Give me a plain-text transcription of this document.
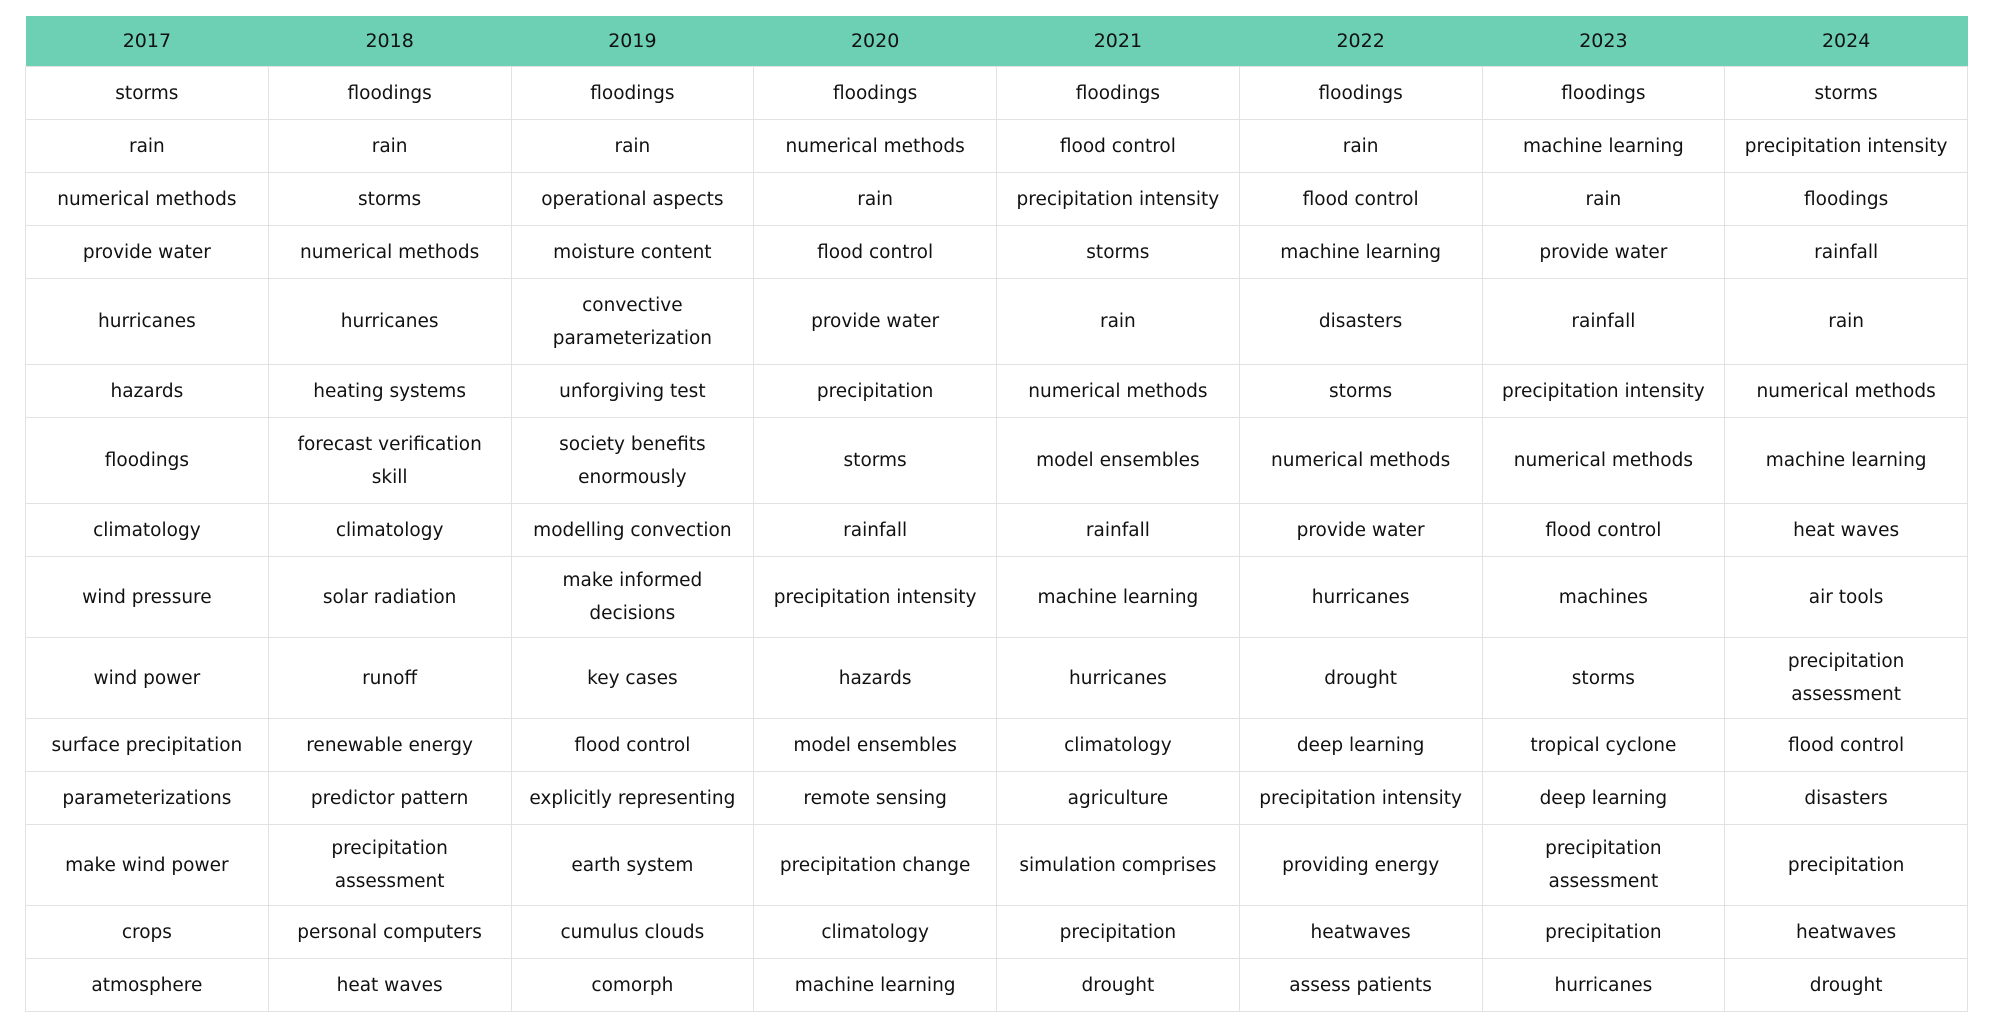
2017	2018	2019	2020	2021	2022	2023	2024
storms	floodings	floodings	floodings	floodings	floodings	floodings	storms
rain	rain	rain	numerical methods	flood control	rain	machine learning	precipitation intensity
numerical methods	storms	operational aspects	rain	precipitation intensity	flood control	rain	floodings
provide water	numerical methods	moisture content	flood control	storms	machine learning	provide water	rainfall
hurricanes	hurricanes	convective parameterization	provide water	rain	disasters	rainfall	rain
hazards	heating systems	unforgiving test	precipitation	numerical methods	storms	precipitation intensity	numerical methods
floodings	forecast verification skill	society benefits enormously	storms	model ensembles	numerical methods	numerical methods	machine learning
climatology	climatology	modelling convection	rainfall	rainfall	provide water	flood control	heat waves
wind pressure	solar radiation	make informed decisions	precipitation intensity	machine learning	hurricanes	machines	air tools
wind power	runoff	key cases	hazards	hurricanes	drought	storms	precipitation assessment
surface precipitation	renewable energy	flood control	model ensembles	climatology	deep learning	tropical cyclone	flood control
parameterizations	predictor pattern	explicitly representing	remote sensing	agriculture	precipitation intensity	deep learning	disasters
make wind power	precipitation assessment	earth system	precipitation change	simulation comprises	providing energy	precipitation assessment	precipitation
crops	personal computers	cumulus clouds	climatology	precipitation	heatwaves	precipitation	heatwaves
atmosphere	heat waves	comorph	machine learning	drought	assess patients	hurricanes	drought
